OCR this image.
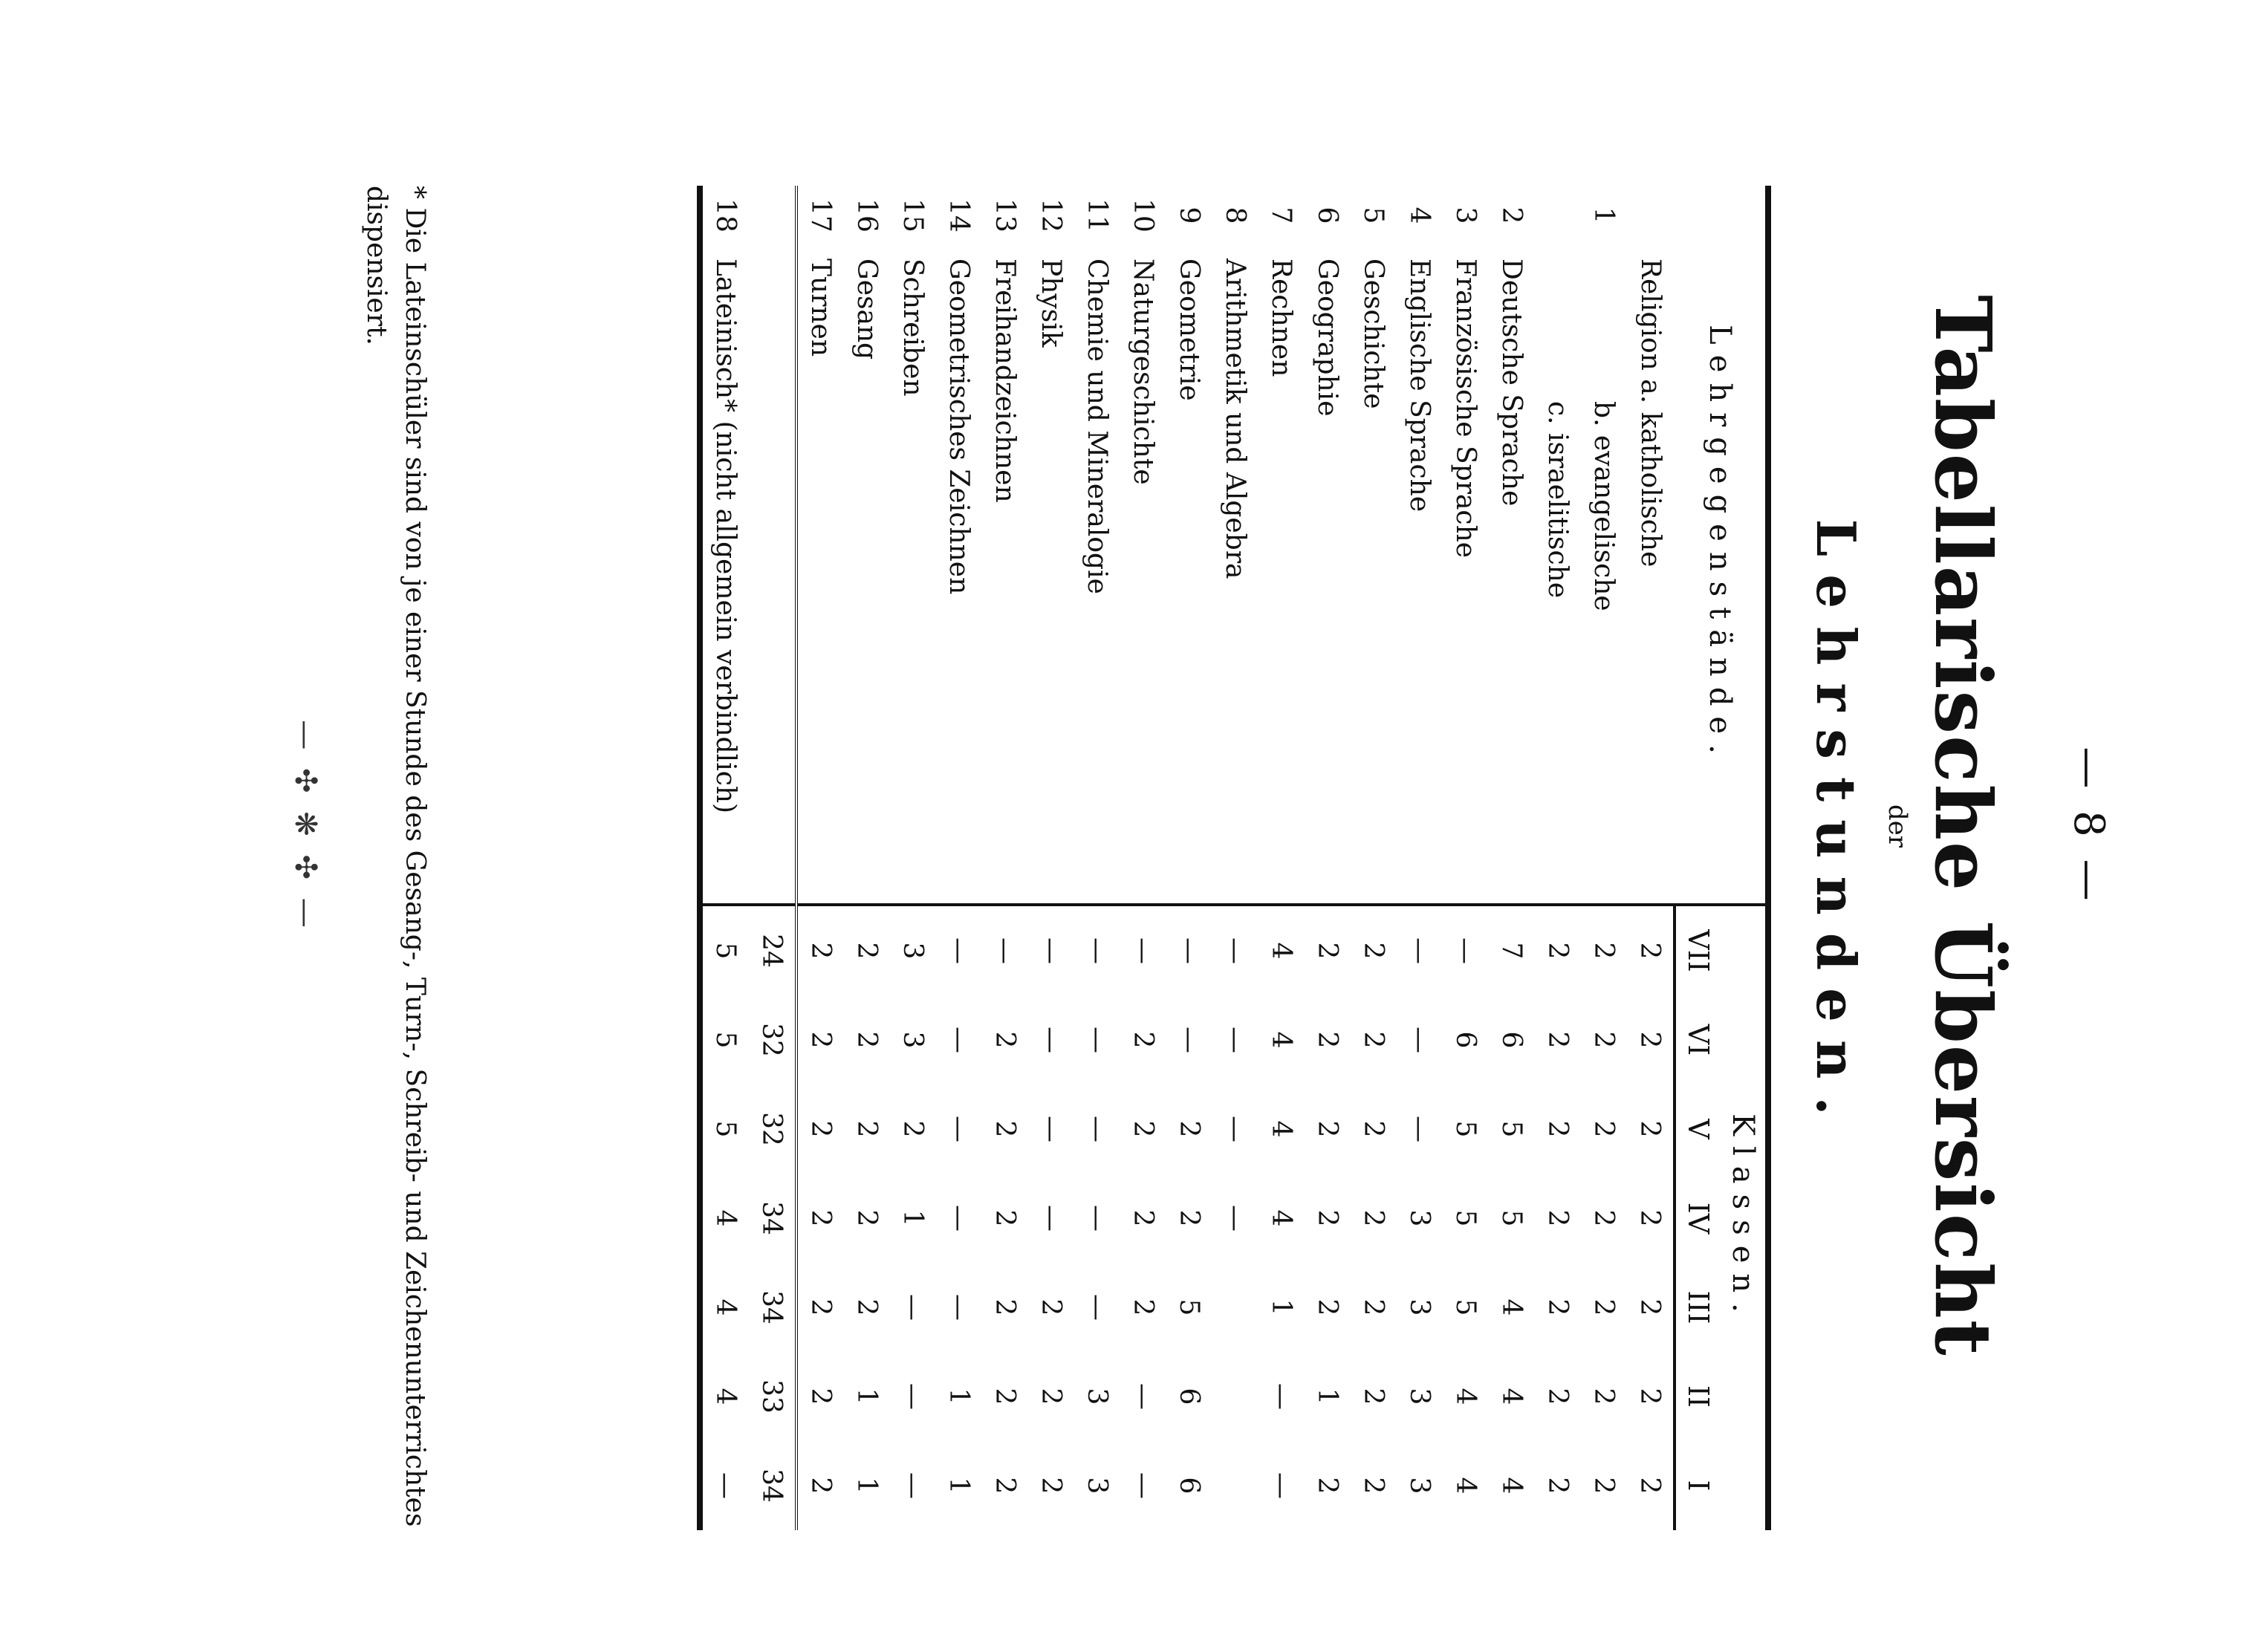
— 8 —
Tabellarische Übersicht
der
Lehrstunden.
Lehrgegenstände.		Klassen.						
		VII	VI	V	IV	III	II	I
	Religion a. katholische	2	2	2	2	2	2	2
1	b. evangelische	2	2	2	2	2	2	2
	c. israelitische	2	2	2	2	2	2	2
2	Deutsche Sprache	7	6	5	5	4	4	4
3	Französische Sprache	—	6	5	5	5	4	4
4	Englische Sprache	—	—	—	3	3	3	3
5	Geschichte	2	2	2	2	2	2	2
6	Geographie	2	2	2	2	2	1	2
7	Rechnen	4	4	4	4	1	—	—
8	Arithmetik und Algebra	—	—	—	—			
9	Geometrie	—	—	2	2	5	6	6
10	Naturgeschichte	—	2	2	2	2	—	—
11	Chemie und Mineralogie	—	—	—	—	—	3	3
12	Physik	—	—	—	—	2	2	2
13	Freihandzeichnen	—	2	2	2	2	2	2
14	Geometrisches Zeichnen	—	—	—	—	—	1	1
15	Schreiben	3	3	2	1	—	—	—
16	Gesang	2	2	2	2	2	1	1
17	Turnen	2	2	2	2	2	2	2
		24	32	32	34	34	33	34
18	Lateinisch* (nicht allgemein verbindlich)	5	5	5	4	4	4	—
* Die Lateinschüler sind von je einer Stunde des Gesang-, Turn-, Schreib- und Zeichenunterrichtes dispensiert.
— ✣ ❋ ✣ —
